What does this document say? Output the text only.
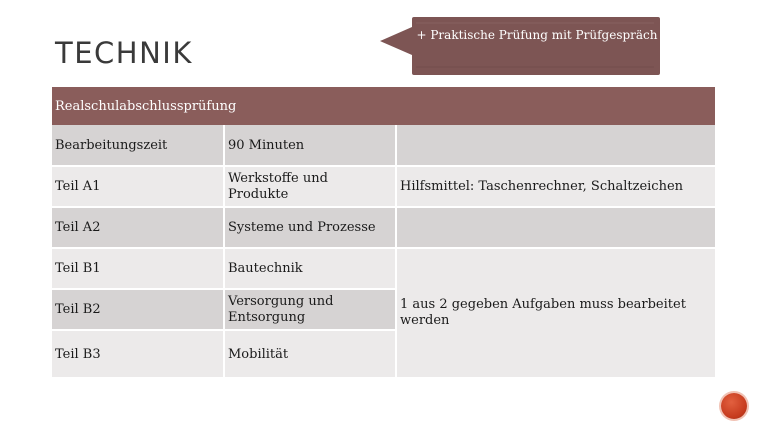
TECHNIK
+ Praktische Prüfung mit Prüfgespräch
Realschulabschlussprüfung		
Bearbeitungszeit	90 Minuten	
Teil A1	Werkstoffe und Produkte	Hilfsmittel: Taschenrechner, Schaltzeichen
Teil A2	Systeme und Prozesse	
Teil B1	Bautechnik	1 aus 2 gegeben Aufgaben muss bearbeitet werden

Teil B2	Versorgung und Entsorgung	

Teil B3	Mobilität	
